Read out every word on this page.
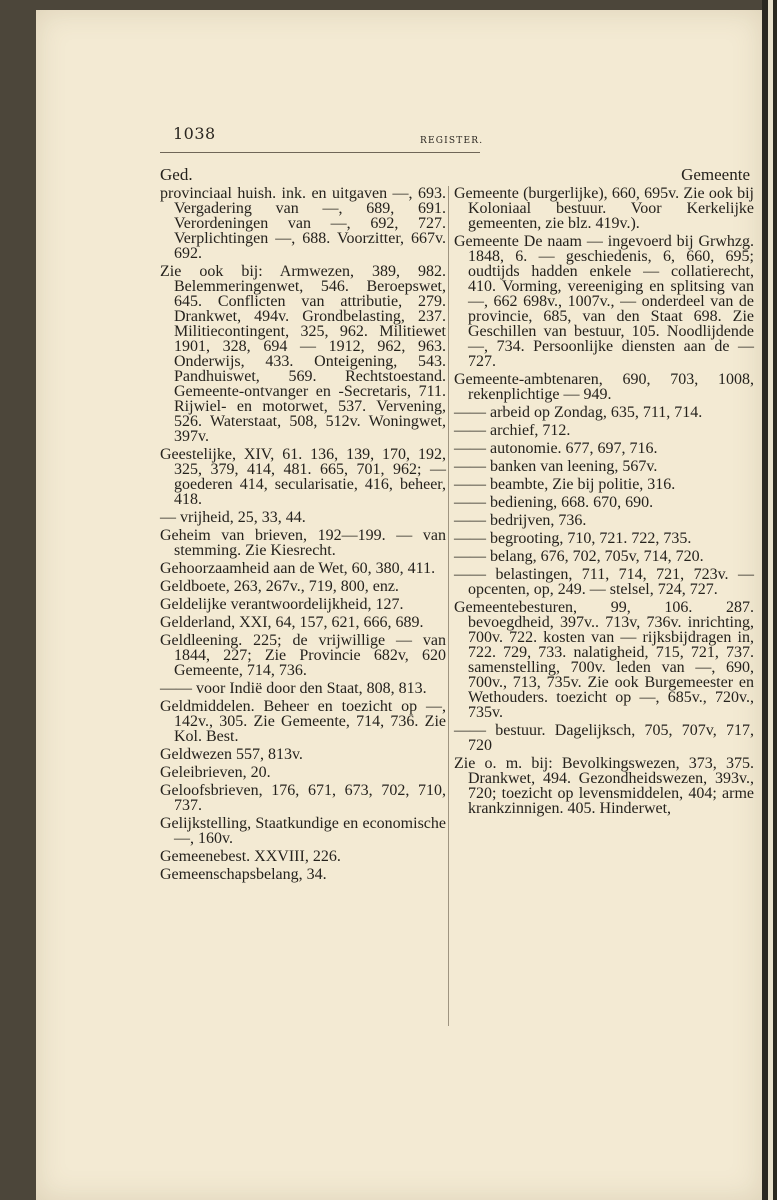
1038	REGISTER.
Ged.

provinciaal huish. ink. en uitgaven —, 693. Vergadering van —, 689, 691. Verordeningen van —, 692, 727. Verplichtingen —, 688. Voorzitter, 667v. 692.

Zie ook bij: Armwezen, 389, 982. Belemmeringenwet, 546. Beroepswet, 645. Conflicten van attributie, 279. Drankwet, 494v. Grondbelasting, 237. Militiecontingent, 325, 962. Militiewet 1901, 328, 694 — 1912, 962, 963. Onderwijs, 433. Onteigening, 543. Pandhuiswet, 569. Rechtstoestand. Gemeente-ontvanger en -Secretaris, 711. Rijwiel- en motorwet, 537. Vervening, 526. Waterstaat, 508, 512v. Woningwet, 397v.

Geestelijke, XIV, 61. 136, 139, 170, 192, 325, 379, 414, 481. 665, 701, 962; — goederen 414, secularisatie, 416, beheer, 418.

— vrijheid, 25, 33, 44.

Geheim van brieven, 192—199. — van stemming. Zie Kiesrecht.

Gehoorzaamheid aan de Wet, 60, 380, 411.

Geldboete, 263, 267v., 719, 800, enz.

Geldelijke verantwoordelijkheid, 127.

Gelderland, XXI, 64, 157, 621, 666, 689.

Geldleening. 225; de vrijwillige — van 1844, 227; Zie Provincie 682v, 620 Gemeente, 714, 736.

—— voor Indië door den Staat, 808, 813.

Geldmiddelen. Beheer en toezicht op —, 142v., 305. Zie Gemeente, 714, 736. Zie Kol. Best.

Geldwezen 557, 813v.

Geleibrieven, 20.

Geloofsbrieven, 176, 671, 673, 702, 710, 737.

Gelijkstelling, Staatkundige en economische —, 160v.

Gemeenebest. XXVIII, 226.

Gemeenschapsbelang, 34.

Gemeente

Gemeente (burgerlijke), 660, 695v. Zie ook bij Koloniaal bestuur. Voor Kerkelijke gemeenten, zie blz. 419v.).

Gemeente De naam — ingevoerd bij Grwhzg. 1848, 6. — geschiedenis, 6, 660, 695; oudtijds hadden enkele — collatierecht, 410. Vorming, vereeniging en splitsing van —, 662 698v., 1007v., — onderdeel van de provincie, 685, van den Staat 698. Zie Geschillen van bestuur, 105. Noodlijdende —, 734. Persoonlijke diensten aan de — 727.

Gemeente-ambtenaren, 690, 703, 1008, rekenplichtige — 949.

—— arbeid op Zondag, 635, 711, 714.

—— archief, 712.

—— autonomie. 677, 697, 716.

—— banken van leening, 567v.

—— beambte, Zie bij politie, 316.

—— bediening, 668. 670, 690.

—— bedrijven, 736.

—— begrooting, 710, 721. 722, 735.

—— belang, 676, 702, 705v, 714, 720.

—— belastingen, 711, 714, 721, 723v. — opcenten, op, 249. — stelsel, 724, 727.

Gemeentebesturen, 99, 106. 287. bevoegdheid, 397v.. 713v, 736v. inrichting, 700v. 722. kosten van — rijksbijdragen in, 722. 729, 733. nalatigheid, 715, 721, 737. samenstelling, 700v. leden van —, 690, 700v., 713, 735v. Zie ook Burgemeester en Wethouders. toezicht op —, 685v., 720v., 735v.

—— bestuur. Dagelijksch, 705, 707v, 717, 720

Zie o. m. bij: Bevolkingswezen, 373, 375. Drankwet, 494. Gezondheidswezen, 393v., 720; toezicht op levensmiddelen, 404; arme krankzinnigen. 405. Hinderwet,
